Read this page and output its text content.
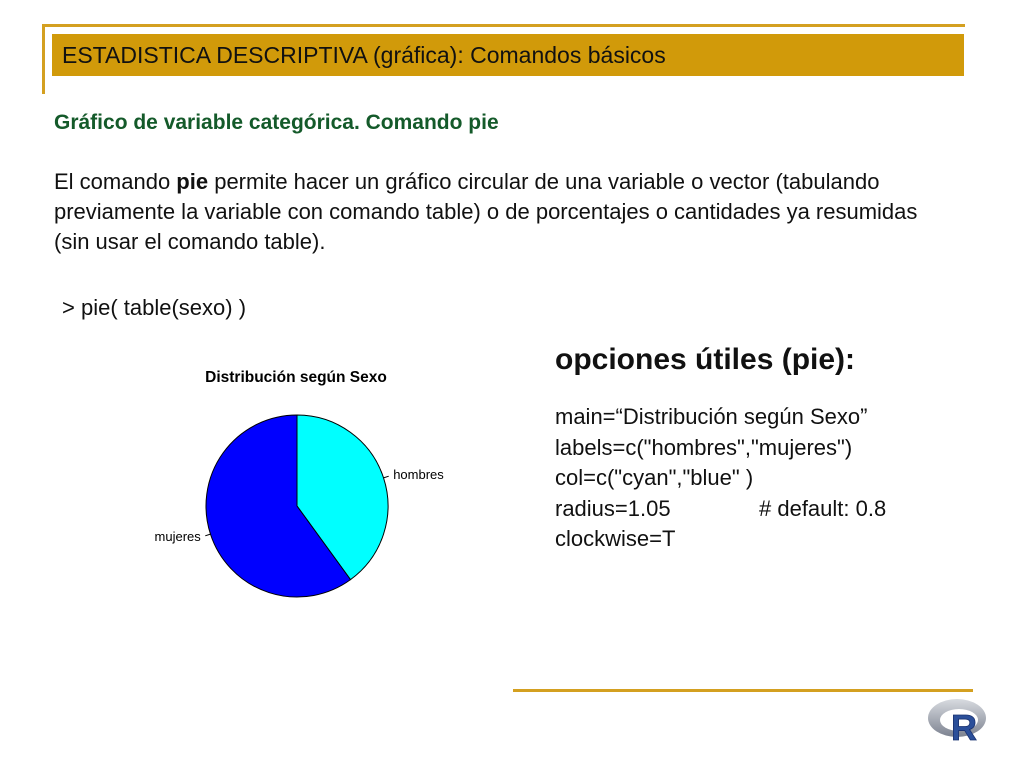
ESTADISTICA DESCRIPTIVA (gráfica): Comandos básicos
Gráfico de variable categórica. Comando pie
El comando pie permite hacer un gráfico circular de una variable o vector (tabulando previamente la variable con comando table) o de porcentajes o cantidades ya resumidas (sin usar el comando table).
> pie( table(sexo) )
Distribución según Sexo
hombres
mujeres
opciones útiles (pie):
main=“Distribución según Sexo”
labels=c("hombres","mujeres")
col=c("cyan","blue" )
radius=1.05	# default: 0.8
clockwise=T
R
